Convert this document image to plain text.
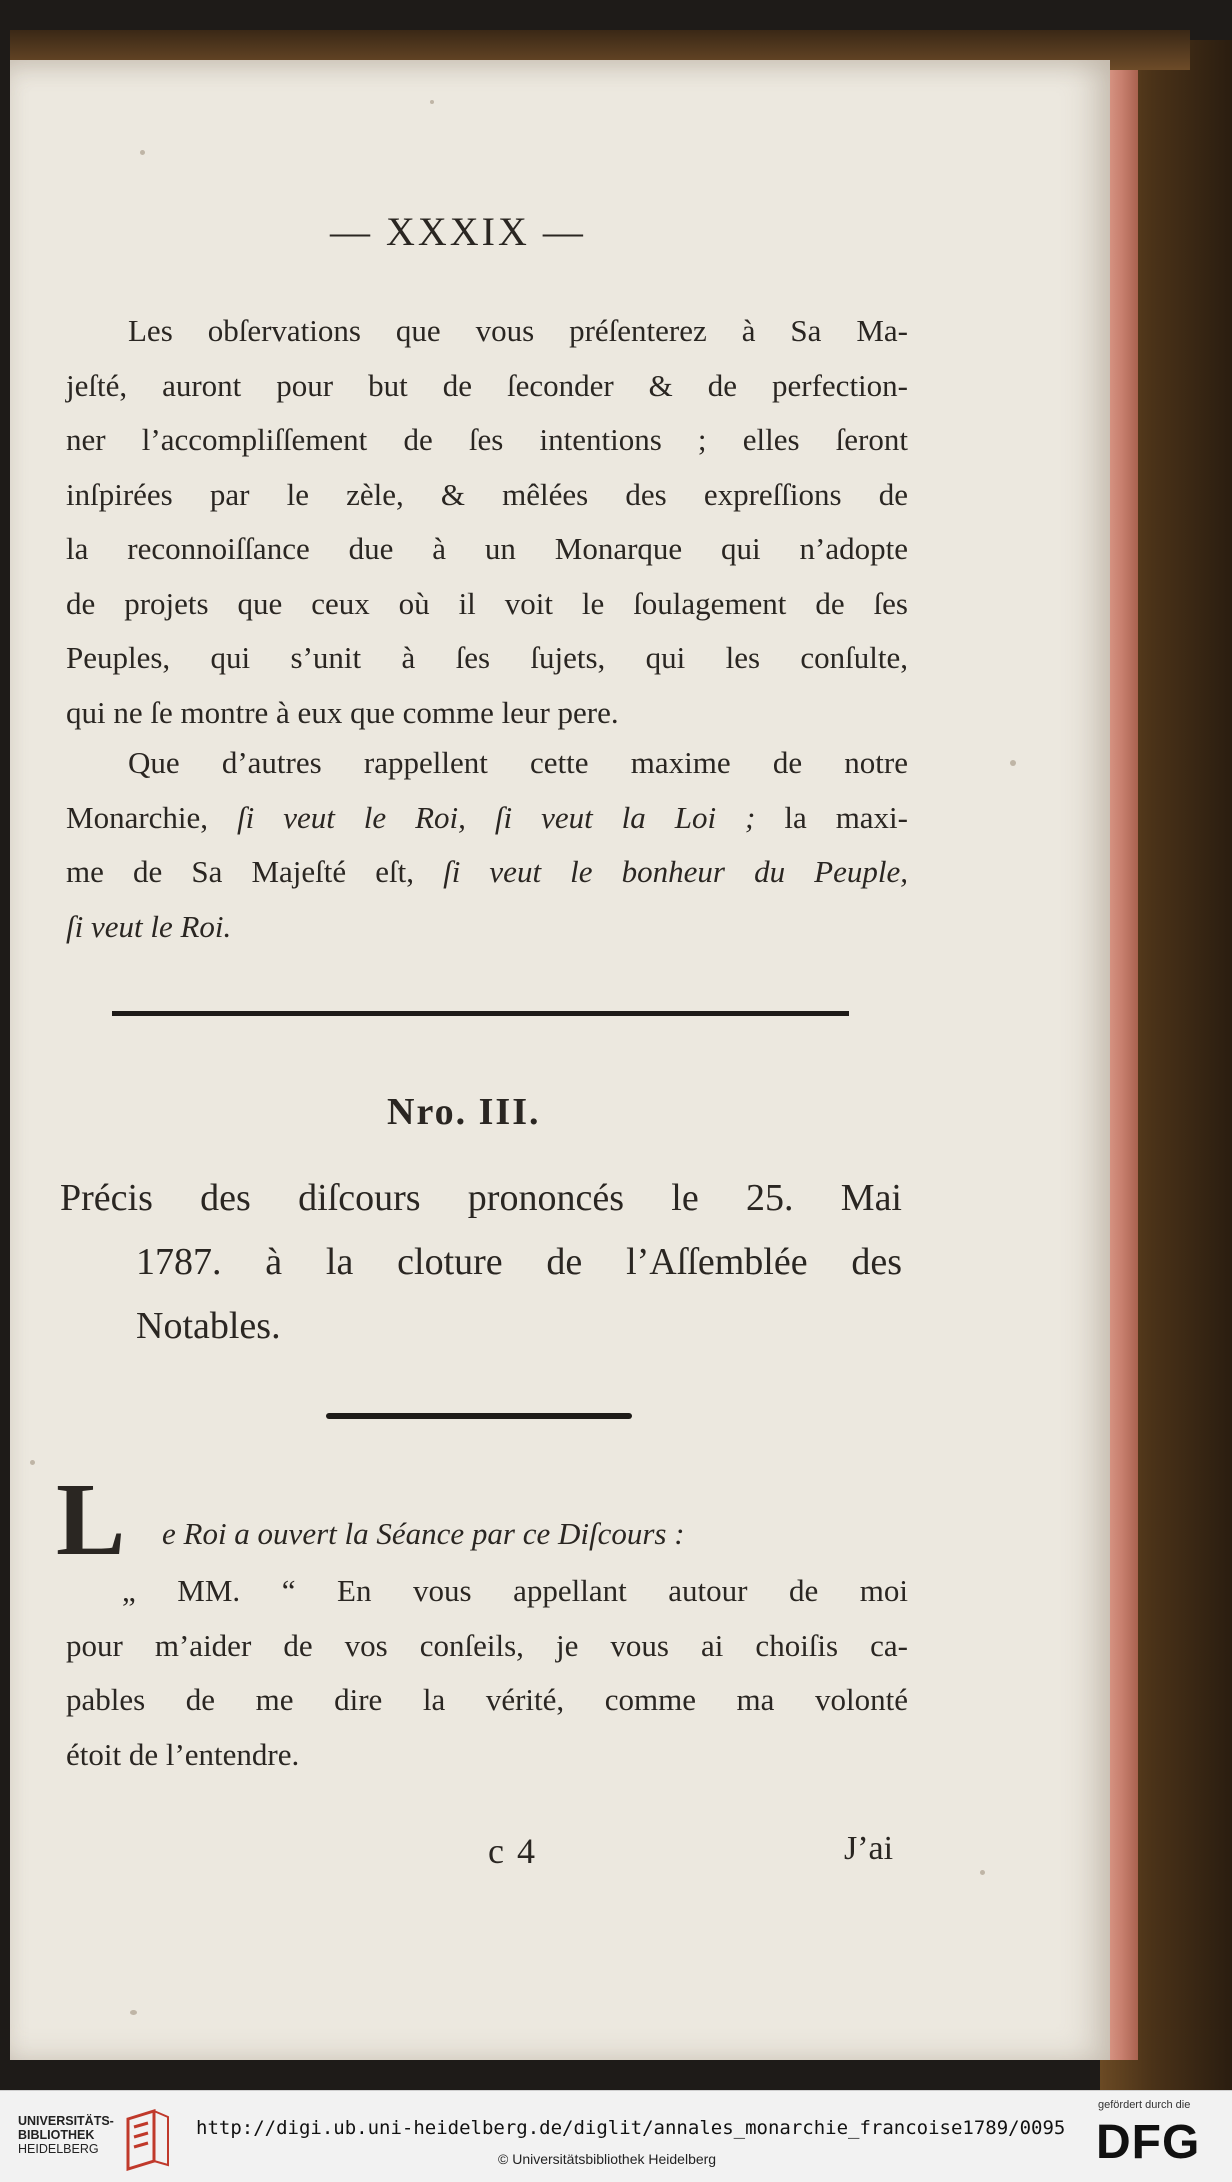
— XXXIX —
Les obſervations que vous préſenterez à Sa Ma-
jeſté, auront pour but de ſeconder & de perfection-
ner l’accompliſſement de ſes intentions ; elles ſeront
inſpirées par le zèle, & mêlées des expreſſions de
la reconnoiſſance due à un Monarque qui n’adopte
de projets que ceux où il voit le ſoulagement de ſes
Peuples, qui s’unit à ſes ſujets, qui les conſulte,
qui ne ſe montre à eux que comme leur pere.
Que d’autres rappellent cette maxime de notre
Monarchie, ſi veut le Roi, ſi veut la Loi ; la maxi-
me de Sa Majeſté eſt, ſi veut le bonheur du Peuple,
ſi veut le Roi.
Nro. III.
Précis des diſcours prononcés le 25. Mai
1787. à la cloture de l’Aſſemblée des
Notables.
L e Roi a ouvert la Séance par ce Diſcours :
„ MM. “ En vous appellant autour de moi
pour m’aider de vos conſeils, je vous ai choiſis ca-
pables de me dire la vérité, comme ma volonté
étoit de l’entendre.
c 4	J’ai
UNIVERSITÄTS-
BIBLIOTHEK
HEIDELBERG
http://digi.ub.uni-heidelberg.de/diglit/annales_monarchie_francoise1789/0095
© Universitätsbibliothek Heidelberg
gefördert durch die
DFG
